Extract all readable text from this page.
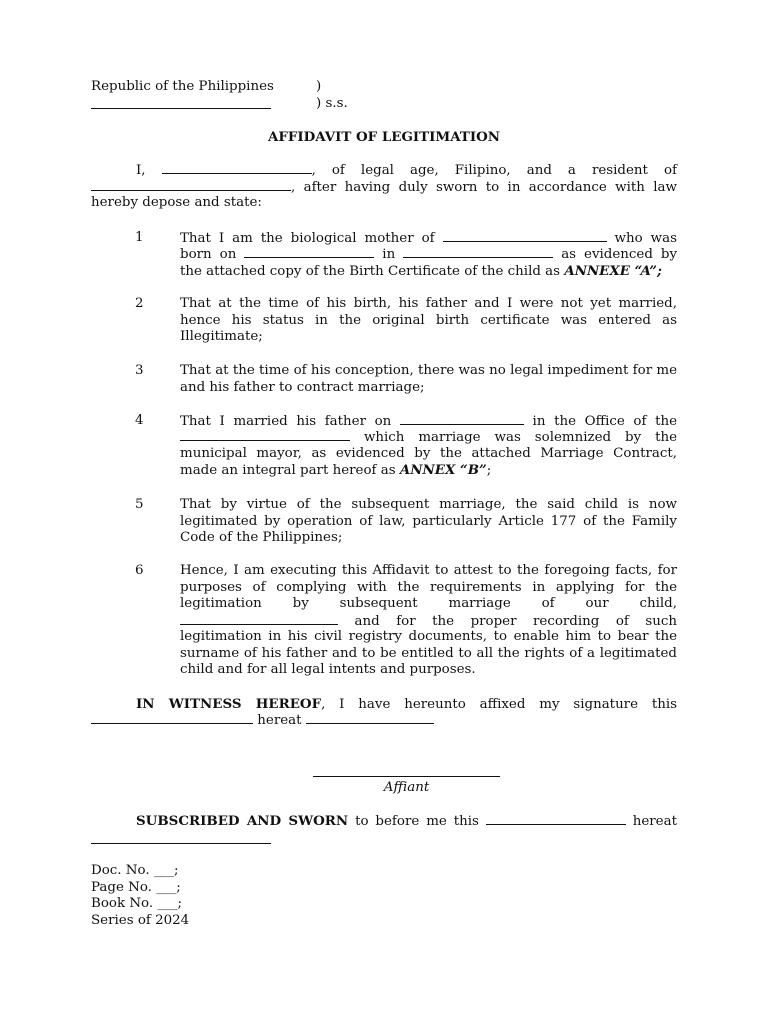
Republic of the Philippines	)
) s.s.
AFFIDAVIT OF LEGITIMATION
I,	, of legal age, Filipino, and a resident of
, after having duly sworn to in accordance with law
hereby depose and state:
1	That I am the biological mother of	who was
born on	in	as evidenced by
the attached copy of the Birth Certificate of the child as ANNEXE “A”;
2	That at the time of his birth, his father and I were not yet married, hence his status in the original birth certificate was entered as Illegitimate;
3	That at the time of his conception, there was no legal impediment for me and his father to contract marriage;
4	That I married his father on	in the Office of the
which marriage was solemnized by the
municipal mayor, as evidenced by the attached Marriage Contract,
made an integral part hereof as ANNEX “B”;
5	That by virtue of the subsequent marriage, the said child is now legitimated by operation of law, particularly Article 177 of the Family Code of the Philippines;
6	Hence, I am executing this Affidavit to attest to the foregoing facts, for
purposes of complying with the requirements in applying for the
legitimation by subsequent marriage of our child,
and for the proper recording of such
legitimation in his civil registry documents, to enable him to bear the
surname of his father and to be entitled to all the rights of a legitimated
child and for all legal intents and purposes.
IN WITNESS HEREOF, I have hereunto affixed my signature this
hereat
Affiant
SUBSCRIBED AND SWORN to before me this	hereat
Doc. No. ___;
Page No. ___;
Book No. ___;
Series of 2024
